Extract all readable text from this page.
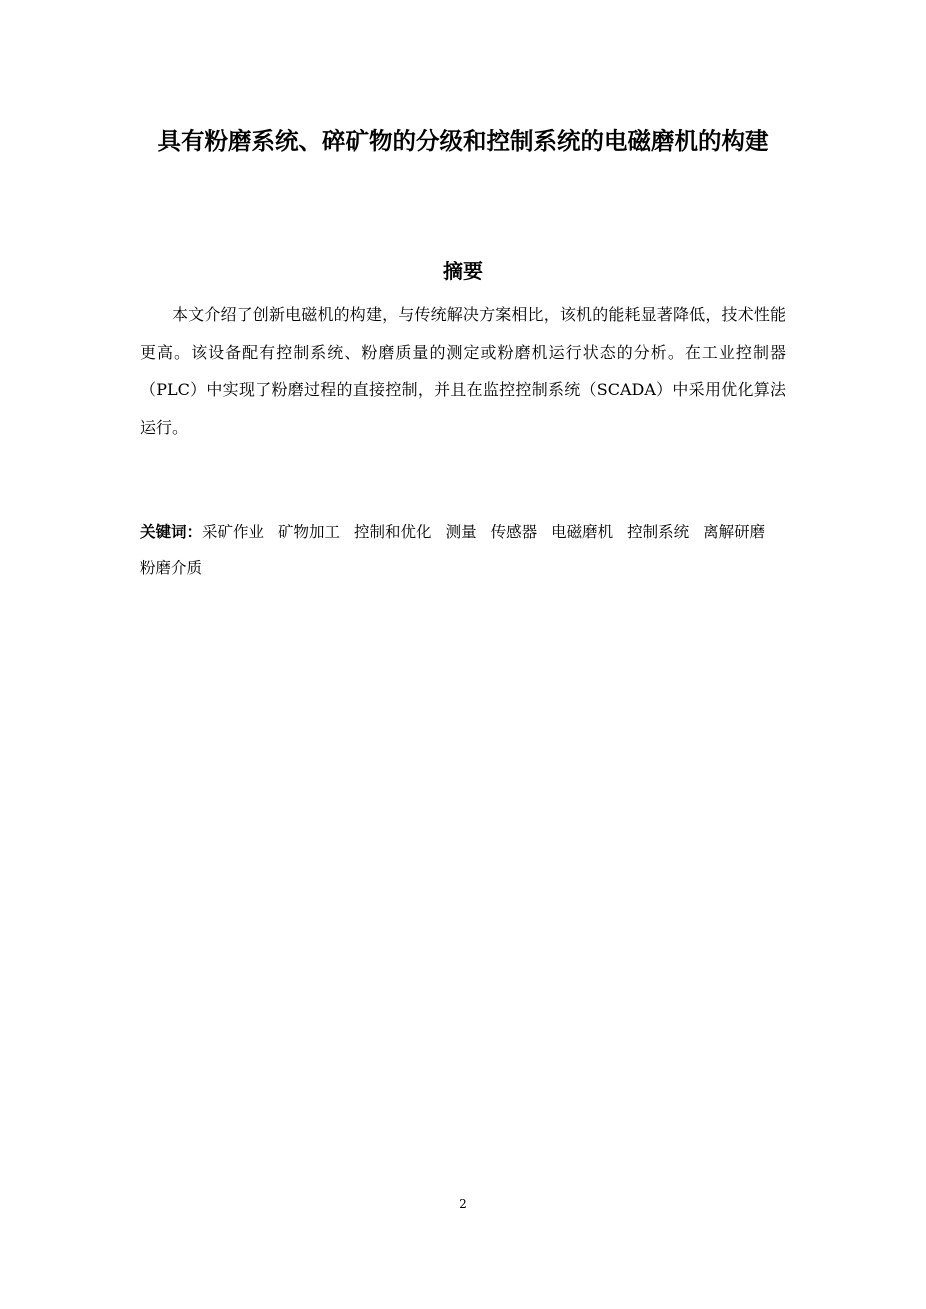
具有粉磨系统、碎矿物的分级和控制系统的电磁磨机的构建
摘要

本文介绍了创新电磁机的构建，与传统解决方案相比，该机的能耗显著降低，技术性能更高。该设备配有控制系统、粉磨质量的测定或粉磨机运行状态的分析。在工业控制器（PLC）中实现了粉磨过程的直接控制，并且在监控控制系统（SCADA）中采用优化算法运行。

关键词：采矿作业 矿物加工 控制和优化 测量 传感器 电磁磨机 控制系统 离解研磨粉磨介质

2
